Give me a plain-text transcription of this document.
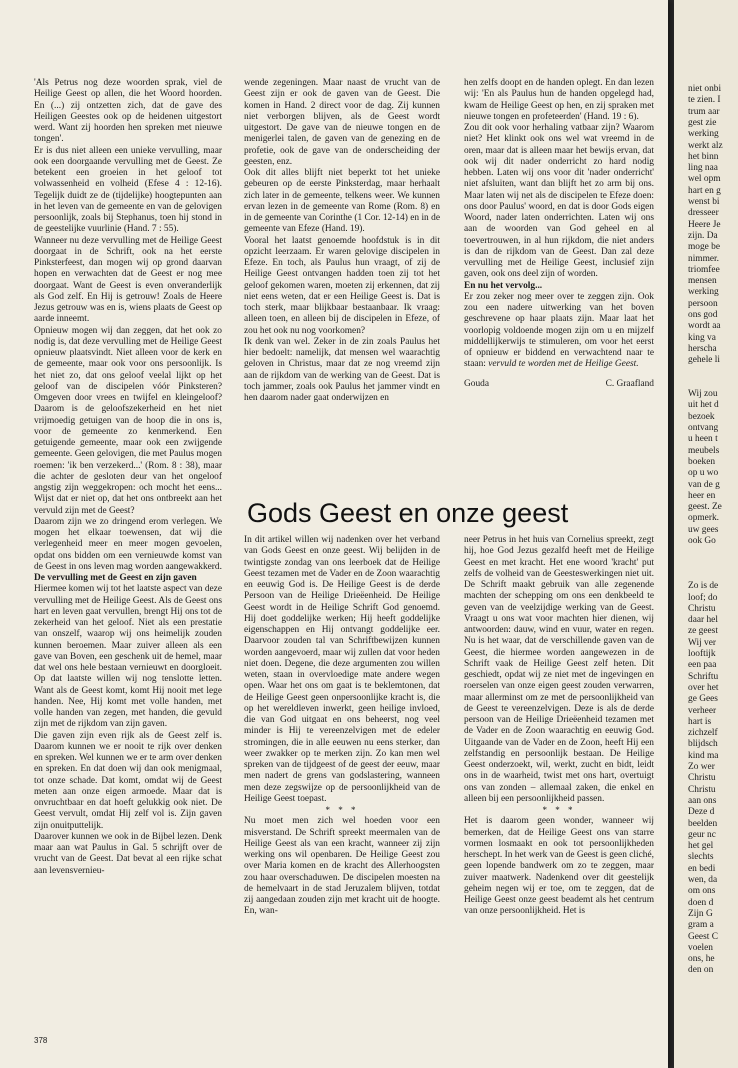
'Als Petrus nog deze woorden sprak, viel de Heilige Geest op allen, die het Woord hoorden. En (...) zij ontzetten zich, dat de gave des Heiligen Geestes ook op de heidenen uitgestort werd. Want zij hoorden hen spreken met nieuwe tongen'.

Er is dus niet alleen een unieke vervulling, maar ook een doorgaande vervulling met de Geest. Ze betekent een groeien in het geloof tot volwassenheid en volheid (Efese 4 : 12-16). Tegelijk duidt ze de (tijdelijke) hoogtepunten aan in het leven van de gemeente en van de gelovigen persoonlijk, zoals bij Stephanus, toen hij stond in de geestelijke vuurlinie (Hand. 7 : 55).

Wanneer nu deze vervulling met de Heilige Geest doorgaat in de Schrift, ook na het eerste Pinksterfeest, dan mogen wij op grond daarvan hopen en verwachten dat de Geest er nog mee doorgaat. Want de Geest is even onveranderlijk als God zelf. En Hij is getrouw! Zoals de Heere Jezus getrouw was en is, wiens plaats de Geest op aarde inneemt.

Opnieuw mogen wij dan zeggen, dat het ook zo nodig is, dat deze vervulling met de Heilige Geest opnieuw plaatsvindt. Niet alleen voor de kerk en de gemeente, maar ook voor ons persoonlijk. Is het niet zo, dat ons geloof veelal lijkt op het geloof van de discipelen vóór Pinksteren? Omgeven door vrees en twijfel en kleingeloof? Daarom is de geloofszekerheid en het niet vrijmoedig getuigen van de hoop die in ons is, voor de gemeente zo kenmerkend. Een getuigende gemeente, maar ook een zwijgende gemeente. Geen gelovigen, die met Paulus mogen roemen: 'ik ben verzekerd...' (Rom. 8 : 38), maar die achter de gesloten deur van het ongeloof angstig zijn weggekropen: och mocht het eens... Wijst dat er niet op, dat het ons ontbreekt aan het vervuld zijn met de Geest?

Daarom zijn we zo dringend erom verlegen. We mogen het elkaar toewensen, dat wij die verlegenheid meer en meer mogen gevoelen, opdat ons bidden om een vernieuwde komst van de Geest in ons leven mag worden aangewakkerd.

De vervulling met de Geest en zijn gaven

Hiermee komen wij tot het laatste aspect van deze vervulling met de Heilige Geest. Als de Geest ons hart en leven gaat vervullen, brengt Hij ons tot de zekerheid van het geloof. Niet als een prestatie van onszelf, waarop wij ons heimelijk zouden kunnen beroemen. Maar zuiver alleen als een gave van Boven, een geschenk uit de hemel, maar dat wel ons hele bestaan vernieuwt en doorgloeit. Op dat laatste willen wij nog tenslotte letten. Want als de Geest komt, komt Hij nooit met lege handen. Nee, Hij komt met volle handen, met volle handen van zegen, met handen, die gevuld zijn met de rijkdom van zijn gaven.

Die gaven zijn even rijk als de Geest zelf is. Daarom kunnen we er nooit te rijk over denken en spreken. Wel kunnen we er te arm over denken en spreken. En dat doen wij dan ook menigmaal, tot onze schade. Dat komt, omdat wij de Geest meten aan onze eigen armoede. Maar dat is onvruchtbaar en dat hoeft gelukkig ook niet. De Geest vervult, omdat Hij zelf vol is. Zijn gaven zijn onuitputtelijk.

Daarover kunnen we ook in de Bijbel lezen. Denk maar aan wat Paulus in Gal. 5 schrijft over de vrucht van de Geest. Dat bevat al een rijke schat aan levensvernieu-

wende zegeningen. Maar naast de vrucht van de Geest zijn er ook de gaven van de Geest. Die komen in Hand. 2 direct voor de dag. Zij kunnen niet verborgen blijven, als de Geest wordt uitgestort. De gave van de nieuwe tongen en de menigerlei talen, de gaven van de genezing en de profetie, ook de gave van de onderscheiding der geesten, enz.

Ook dit alles blijft niet beperkt tot het unieke gebeuren op de eerste Pinksterdag, maar herhaalt zich later in de gemeente, telkens weer. We kunnen ervan lezen in de gemeente van Rome (Rom. 8) en in de gemeente van Corinthe (1 Cor. 12-14) en in de gemeente van Efeze (Hand. 19).

Vooral het laatst genoemde hoofdstuk is in dit opzicht leerzaam. Er waren gelovige discipelen in Efeze. En toch, als Paulus hun vraagt, of zij de Heilige Geest ontvangen hadden toen zij tot het geloof gekomen waren, moeten zij erkennen, dat zij niet eens weten, dat er een Heilige Geest is. Dat is toch sterk, maar blijkbaar bestaanbaar. Ik vraag: alleen toen, en alleen bij de discipelen in Efeze, of zou het ook nu nog voorkomen?

Ik denk van wel. Zeker in de zin zoals Paulus het hier bedoelt: namelijk, dat mensen wel waarachtig geloven in Christus, maar dat ze nog vreemd zijn aan de rijkdom van de werking van de Geest. Dat is toch jammer, zoals ook Paulus het jammer vindt en hen daarom nader gaat onderwijzen en

hen zelfs doopt en de handen oplegt. En dan lezen wij: 'En als Paulus hun de handen opgelegd had, kwam de Heilige Geest op hen, en zij spraken met nieuwe tongen en profeteerden' (Hand. 19 : 6).

Zou dit ook voor herhaling vatbaar zijn? Waarom niet? Het klinkt ook ons wel wat vreemd in de oren, maar dat is alleen maar het bewijs ervan, dat ook wij dit nader onderricht zo hard nodig hebben. Laten wij ons voor dit 'nader onderricht' niet afsluiten, want dan blijft het zo arm bij ons. Maar laten wij net als de discipelen te Efeze doen: ons door Paulus' woord, en dat is door Gods eigen Woord, nader laten onderrichten. Laten wij ons aan de woorden van God geheel en al toevertrouwen, in al hun rijkdom, die niet anders is dan de rijkdom van de Geest. Dan zal deze vervulling met de Heilige Geest, inclusief zijn gaven, ook ons deel zijn of worden.

En nu het vervolg...

Er zou zeker nog meer over te zeggen zijn. Ook zou een nadere uitwerking van het boven geschrevene op haar plaats zijn. Maar laat het voorlopig voldoende mogen zijn om u en mijzelf middellijkerwijs te stimuleren, om voor het eerst of opnieuw er biddend en verwachtend naar te staan: vervuld te worden met de Heilige Geest.

Gouda	C. Graafland
Gods Geest en onze geest

In dit artikel willen wij nadenken over het verband van Gods Geest en onze geest. Wij belijden in de twintigste zondag van ons leerboek dat de Heilige Geest tezamen met de Vader en de Zoon waarachtig en eeuwig God is. De Heilige Geest is de derde Persoon van de Heilige Drieëenheid. De Heilige Geest wordt in de Heilige Schrift God genoemd. Hij doet goddelijke werken; Hij heeft goddelijke eigenschappen en Hij ontvangt goddelijke eer. Daarvoor zouden tal van Schriftbewijzen kunnen worden aangevoerd, maar wij zullen dat voor heden niet doen. Degene, die deze argumenten zou willen weten, staan in overvloedige mate andere wegen open. Waar het ons om gaat is te beklemtonen, dat de Heilige Geest geen onpersoonlijke kracht is, die op het wereldleven inwerkt, geen heilige invloed, die van God uitgaat en ons beheerst, nog veel minder is Hij te vereenzelvigen met de edeler stromingen, die in alle eeuwen nu eens sterker, dan weer zwakker op te merken zijn. Zo kan men wel spreken van de tijdgeest of de geest der eeuw, maar men nadert de grens van godslastering, wanneen men deze zegswijze op de persoonlijkheid van de Heilige Geest toepast.

* * *

Nu moet men zich wel hoeden voor een misverstand. De Schrift spreekt meermalen van de Heilige Geest als van een kracht, wanneer zij zijn werking ons wil openbaren. De Heilige Geest zou over Maria komen en de kracht des Allerhoogsten zou haar overschaduwen. De discipelen moesten na de hemelvaart in de stad Jeruzalem blijven, totdat zij aangedaan zouden zijn met kracht uit de hoogte. En, wan-

neer Petrus in het huis van Cornelius spreekt, zegt hij, hoe God Jezus gezalfd heeft met de Heilige Geest en met kracht. Het ene woord 'kracht' put zelfs de volheid van de Geesteswerkingen niet uit. De Schrift maakt gebruik van alle zegenende machten der schepping om ons een denkbeeld te geven van de veelzijdige werking van de Geest. Vraagt u ons wat voor machten hier dienen, wij antwoorden: dauw, wind en vuur, water en regen. Nu is het waar, dat de verschillende gaven van de Geest, die hiermee worden aangewezen in de Schrift vaak de Heilige Geest zelf heten. Dit geschiedt, opdat wij ze niet met de ingevingen en roerselen van onze eigen geest zouden verwarren, maar allerminst om ze met de persoonlijkheid van de Geest te vereenzelvigen. Deze is als de derde persoon van de Heilige Drieëenheid tezamen met de Vader en de Zoon waarachtig en eeuwig God. Uitgaande van de Vader en de Zoon, heeft Hij een zelfstandig en persoonlijk bestaan. De Heilige Geest onderzoekt, wil, werkt, zucht en bidt, leidt ons in de waarheid, twist met ons hart, overtuigt ons van zonden – allemaal zaken, die enkel en alleen bij een persoonlijkheid passen.

* * *

Het is daarom geen wonder, wanneer wij bemerken, dat de Heilige Geest ons van starre vormen losmaakt en ook tot persoonlijkheden herschept. In het werk van de Geest is geen cliché, geen lopende bandwerk om zo te zeggen, maar zuiver maatwerk. Nadenkend over dit geestelijk geheim negen wij er toe, om te zeggen, dat de Heilige Geest onze geest beademt als het centrum van onze persoonlijkheid. Het is

378
niet onbi
te zien. I
trum aar
gest zie
werking
werkt alz
het binn
ling naa
wel opm
hart en g
wenst bi
dresseer
Heere Je
zijn. Da
moge be
nimmer.
triomfee
mensen
werking
persoon
ons god
wordt aa
king va
herscha
gehele li
Wij zou
uit het d
bezoek
ontvang
u heen t
meubels
boeken
op u wo
van de g
heer en
geest. Ze
opmerk.
uw gees
ook Go
Zo is de
loof; do
Christu
daar hel
ze geest
Wij ver
looftijk
een paa
Schriftu
over het
ge Gees
verheer
hart is
zichzelf
blijdsch
kind ma
Zo wer
Christu
Christu
aan ons
Deze d
beelden
geur nc
het gel
slechts
en bedi
wen, da
om ons
doen d
Zijn G
gram a
Geest C
voelen
ons, he
den on
